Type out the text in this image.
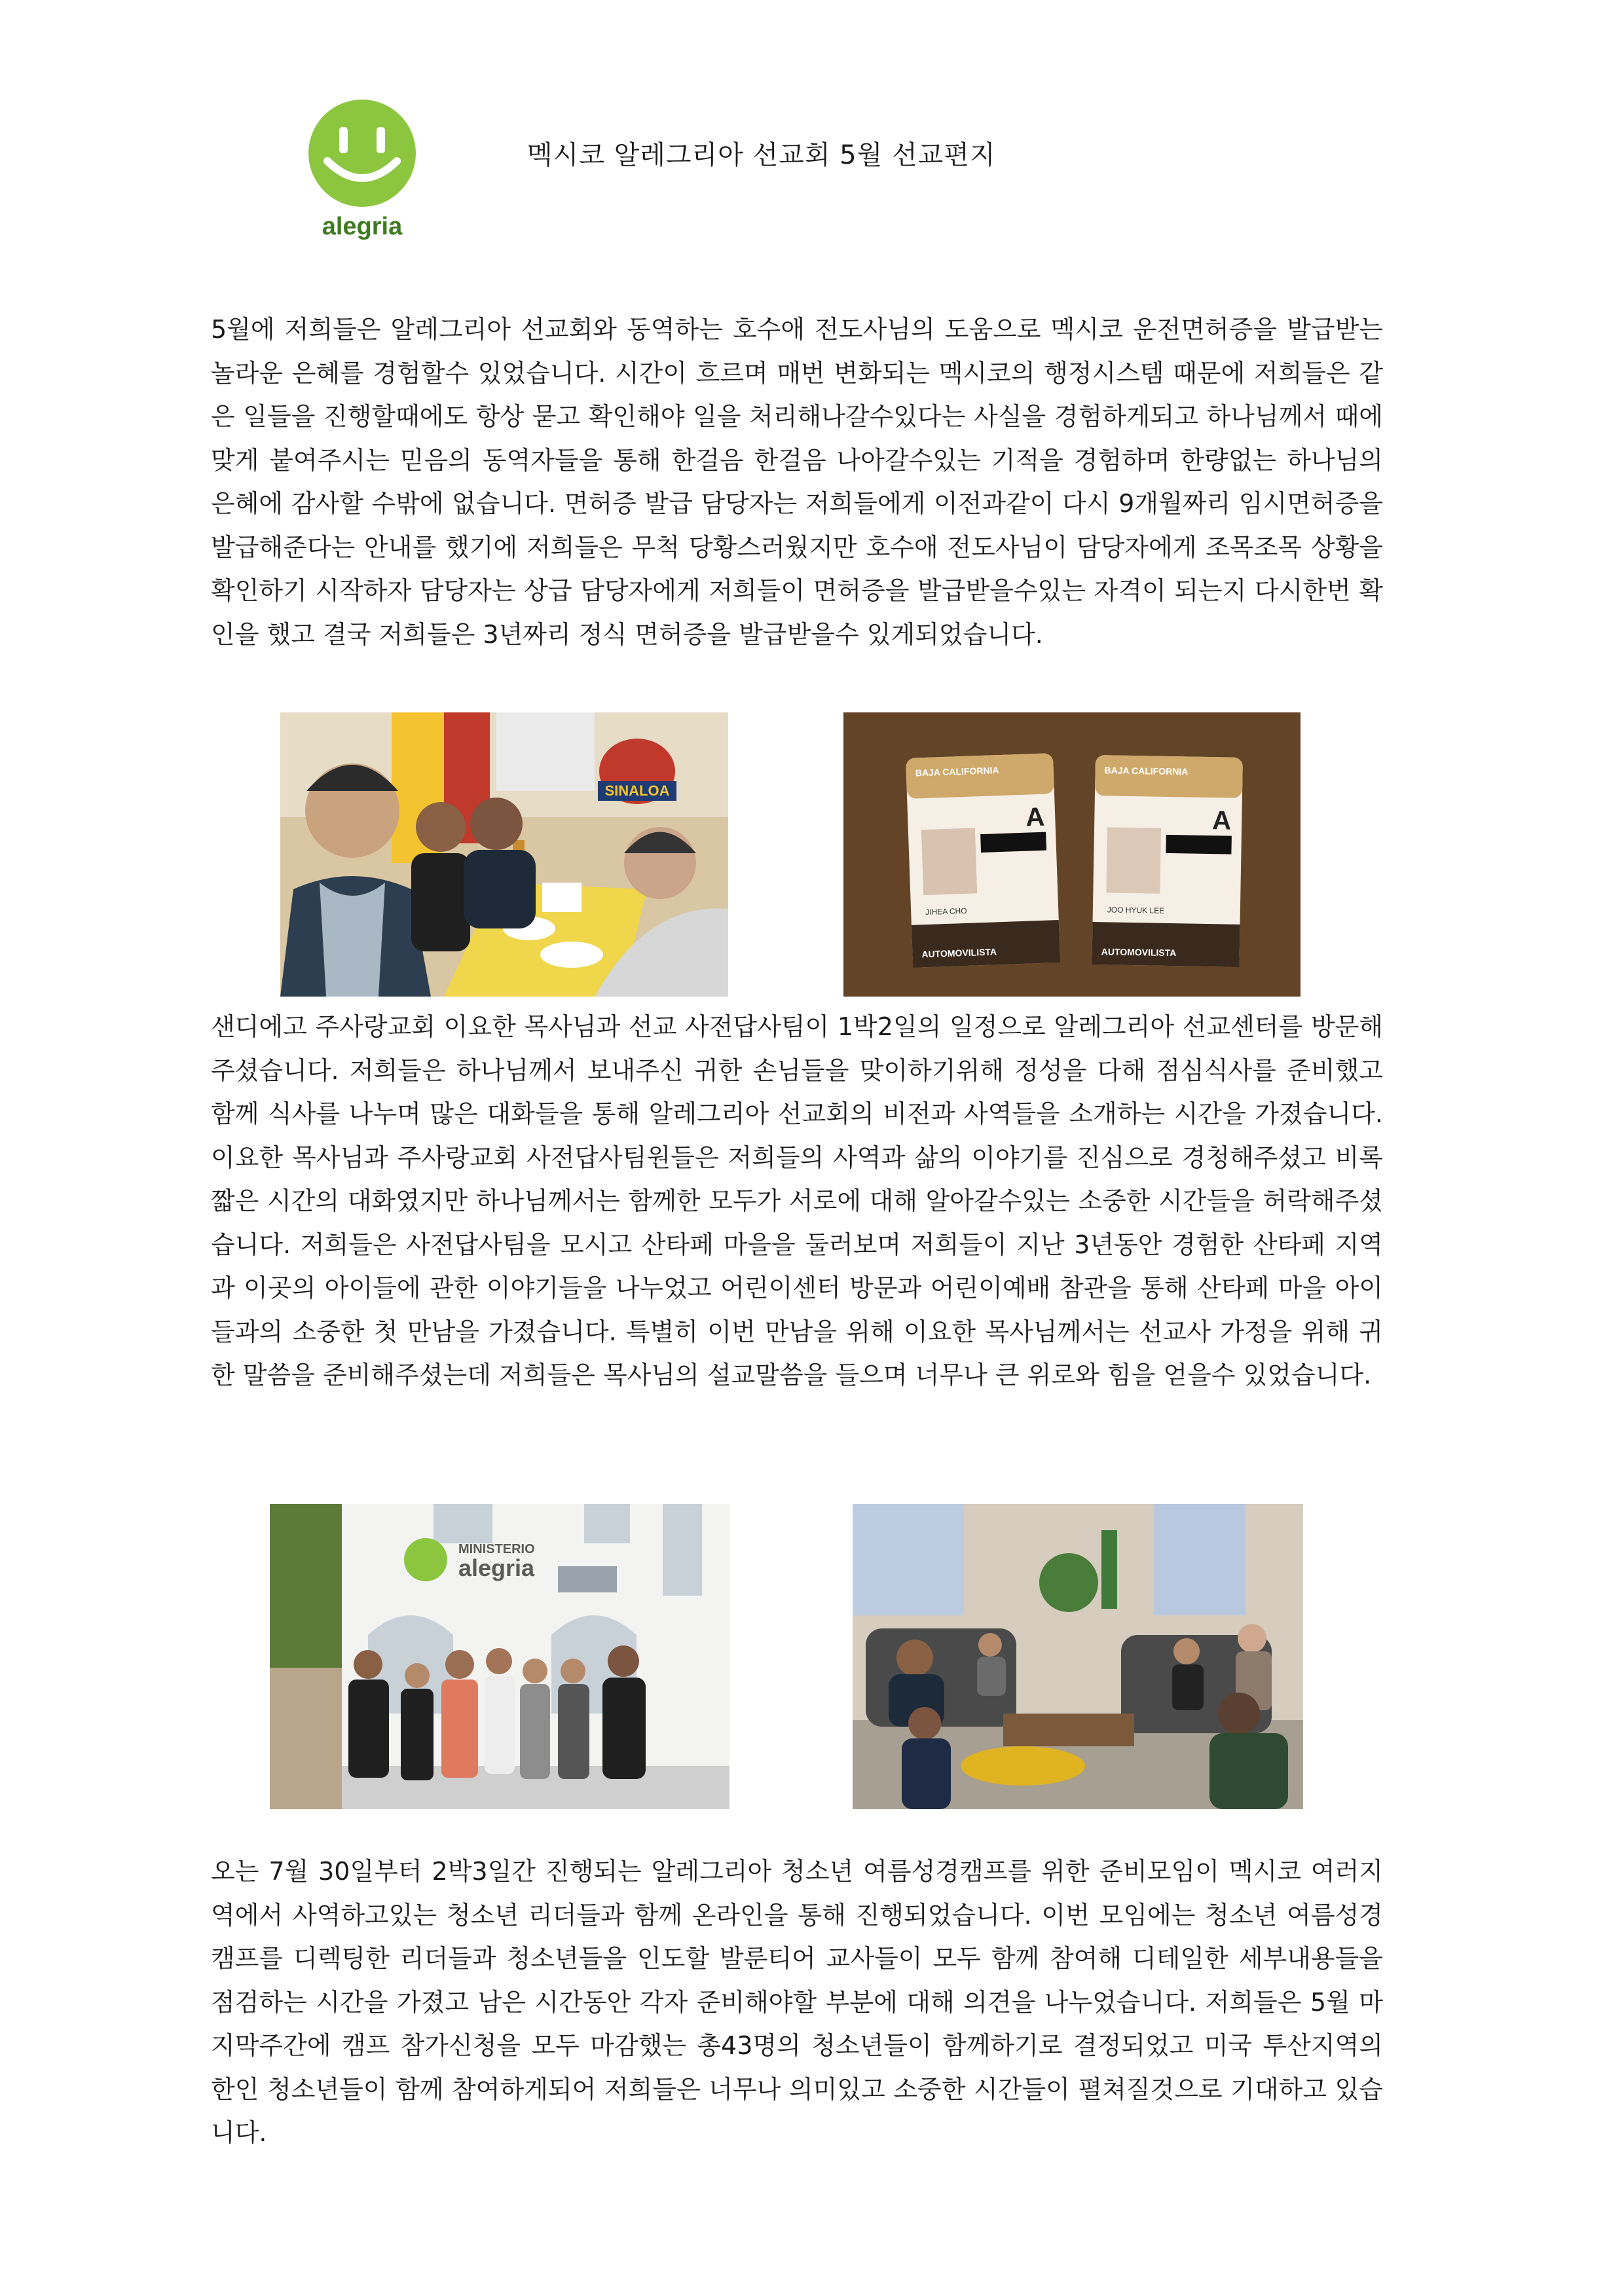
alegria
멕시코 알레그리아 선교회 5월 선교편지

5월에 저희들은 알레그리아 선교회와 동역하는 호수애 전도사님의 도움으로 멕시코 운전면허증을 발급받는 놀라운 은혜를 경험할수 있었습니다. 시간이 흐르며 매번 변화되는 멕시코의 행정시스템 때문에 저희들은 같은 일들을 진행할때에도 항상 묻고 확인해야 일을 처리해나갈수있다는 사실을 경험하게되고 하나님께서 때에 맞게 붙여주시는 믿음의 동역자들을 통해 한걸음 한걸음 나아갈수있는 기적을 경험하며 한량없는 하나님의 은혜에 감사할 수밖에 없습니다. 면허증 발급 담당자는 저희들에게 이전과같이 다시 9개월짜리 임시면허증을 발급해준다는 안내를 했기에 저희들은 무척 당황스러웠지만 호수애 전도사님이 담당자에게 조목조목 상황을 확인하기 시작하자 담당자는 상급 담당자에게 저희들이 면허증을 발급받을수있는 자격이 되는지 다시한번 확인을 했고 결국 저희들은 3년짜리 정식 면허증을 발급받을수 있게되었습니다.

SINALOA
BAJA CALIFORNIA
A
JIHEA CHO
AUTOMOVILISTA
BAJA CALIFORNIA
A
JOO HYUK LEE
AUTOMOVILISTA

샌디에고 주사랑교회 이요한 목사님과 선교 사전답사팀이 1박2일의 일정으로 알레그리아 선교센터를 방문해주셨습니다. 저희들은 하나님께서 보내주신 귀한 손님들을 맞이하기위해 정성을 다해 점심식사를 준비했고 함께 식사를 나누며 많은 대화들을 통해 알레그리아 선교회의 비전과 사역들을 소개하는 시간을 가졌습니다. 이요한 목사님과 주사랑교회 사전답사팀원들은 저희들의 사역과 삶의 이야기를 진심으로 경청해주셨고 비록 짧은 시간의 대화였지만 하나님께서는 함께한 모두가 서로에 대해 알아갈수있는 소중한 시간들을 허락해주셨습니다. 저희들은 사전답사팀을 모시고 산타페 마을을 둘러보며 저희들이 지난 3년동안 경험한 산타페 지역과 이곳의 아이들에 관한 이야기들을 나누었고 어린이센터 방문과 어린이예배 참관을 통해 산타페 마을 아이들과의 소중한 첫 만남을 가졌습니다. 특별히 이번 만남을 위해 이요한 목사님께서는 선교사 가정을 위해 귀한 말씀을 준비해주셨는데 저희들은 목사님의 설교말씀을 들으며 너무나 큰 위로와 힘을 얻을수 있었습니다.

MINISTERIO
alegria

오는 7월 30일부터 2박3일간 진행되는 알레그리아 청소년 여름성경캠프를 위한 준비모임이 멕시코 여러지역에서 사역하고있는 청소년 리더들과 함께 온라인을 통해 진행되었습니다. 이번 모임에는 청소년 여름성경캠프를 디렉팅한 리더들과 청소년들을 인도할 발룬티어 교사들이 모두 함께 참여해 디테일한 세부내용들을 점검하는 시간을 가졌고 남은 시간동안 각자 준비해야할 부분에 대해 의견을 나누었습니다. 저희들은 5월 마지막주간에 캠프 참가신청을 모두 마감했는 총43명의 청소년들이 함께하기로 결정되었고 미국 투산지역의 한인 청소년들이 함께 참여하게되어 저희들은 너무나 의미있고 소중한 시간들이 펼쳐질것으로 기대하고 있습니다.
